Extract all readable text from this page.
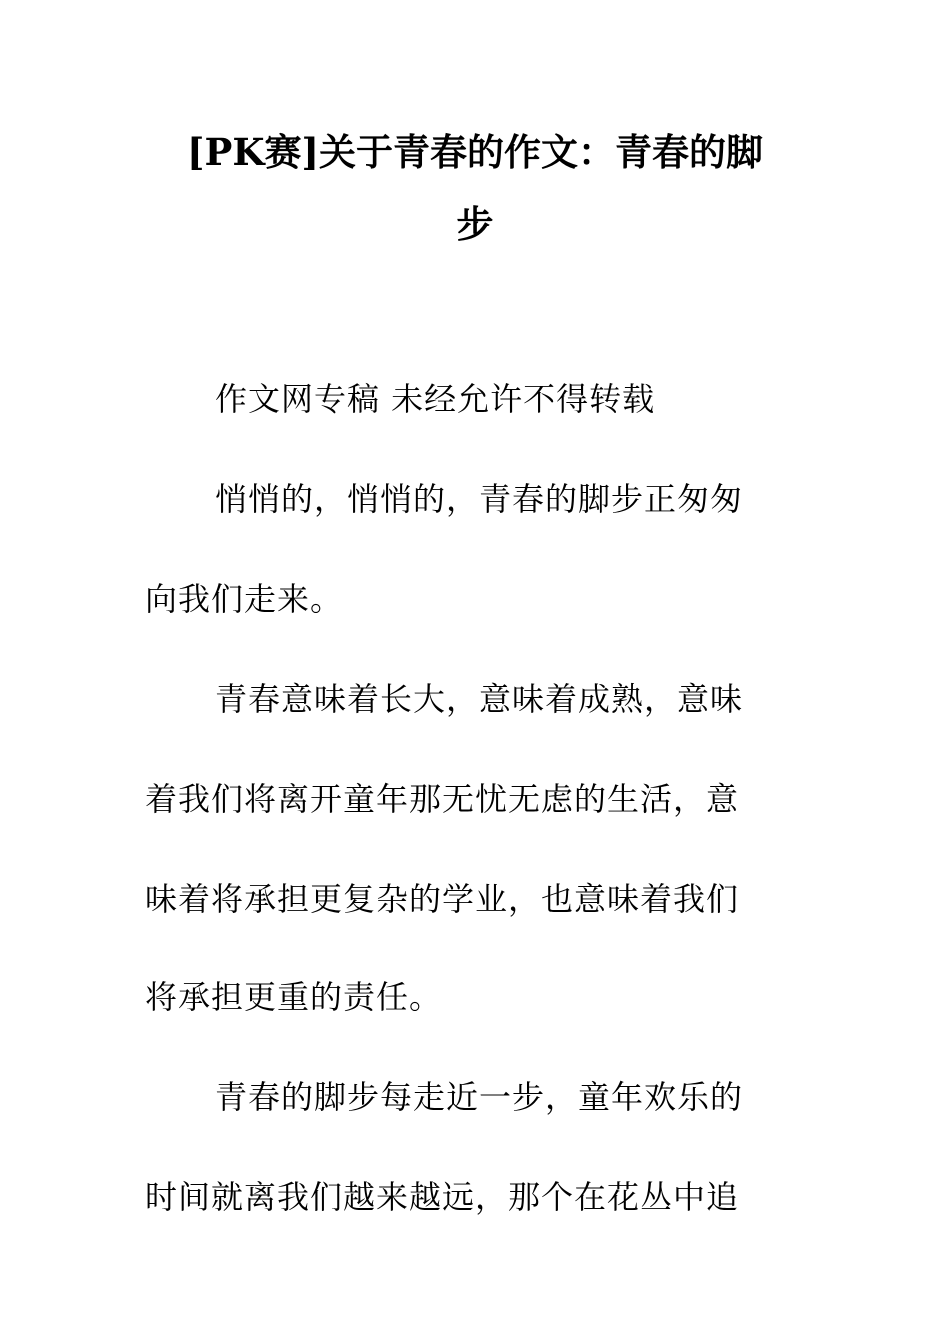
[PK赛]关于青春的作文：青春的脚
步
作文网专稿 未经允许不得转载
悄悄的，悄悄的，青春的脚步正匆匆
向我们走来。
青春意味着长大，意味着成熟，意味
着我们将离开童年那无忧无虑的生活，意
味着将承担更复杂的学业，也意味着我们
将承担更重的责任。
青春的脚步每走近一步，童年欢乐的
时间就离我们越来越远，那个在花丛中追
